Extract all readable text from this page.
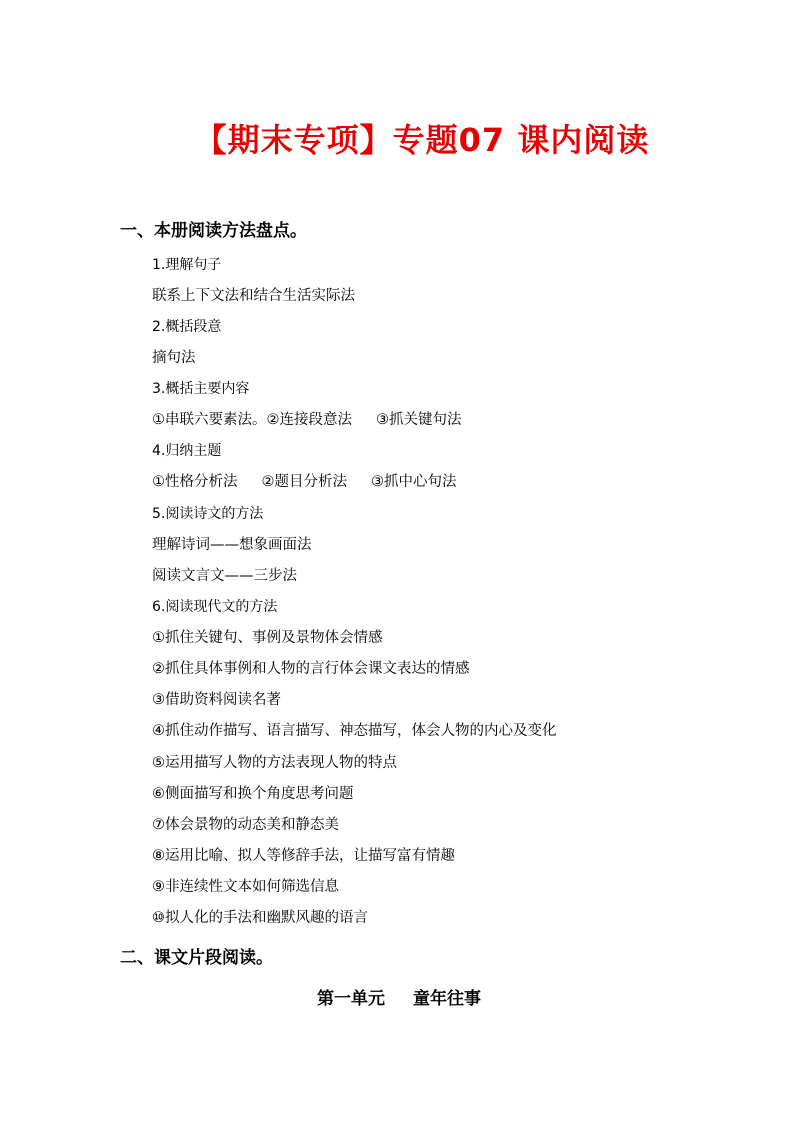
【期末专项】专题07 课内阅读
一、本册阅读方法盘点。
1.理解句子
联系上下文法和结合生活实际法
2.概括段意
摘句法
3.概括主要内容
①串联六要素法。②连接段意法 ③抓关键句法
4.归纳主题
①性格分析法 ②题目分析法 ③抓中心句法
5.阅读诗文的方法
理解诗词——想象画面法
阅读文言文——三步法
6.阅读现代文的方法
①抓住关键句、事例及景物体会情感
②抓住具体事例和人物的言行体会课文表达的情感
③借助资料阅读名著
④抓住动作描写、语言描写、神态描写，体会人物的内心及变化
⑤运用描写人物的方法表现人物的特点
⑥侧面描写和换个角度思考问题
⑦体会景物的动态美和静态美
⑧运用比喻、拟人等修辞手法，让描写富有情趣
⑨非连续性文本如何筛选信息
⑩拟人化的手法和幽默风趣的语言
二、课文片段阅读。
第一单元 童年往事
